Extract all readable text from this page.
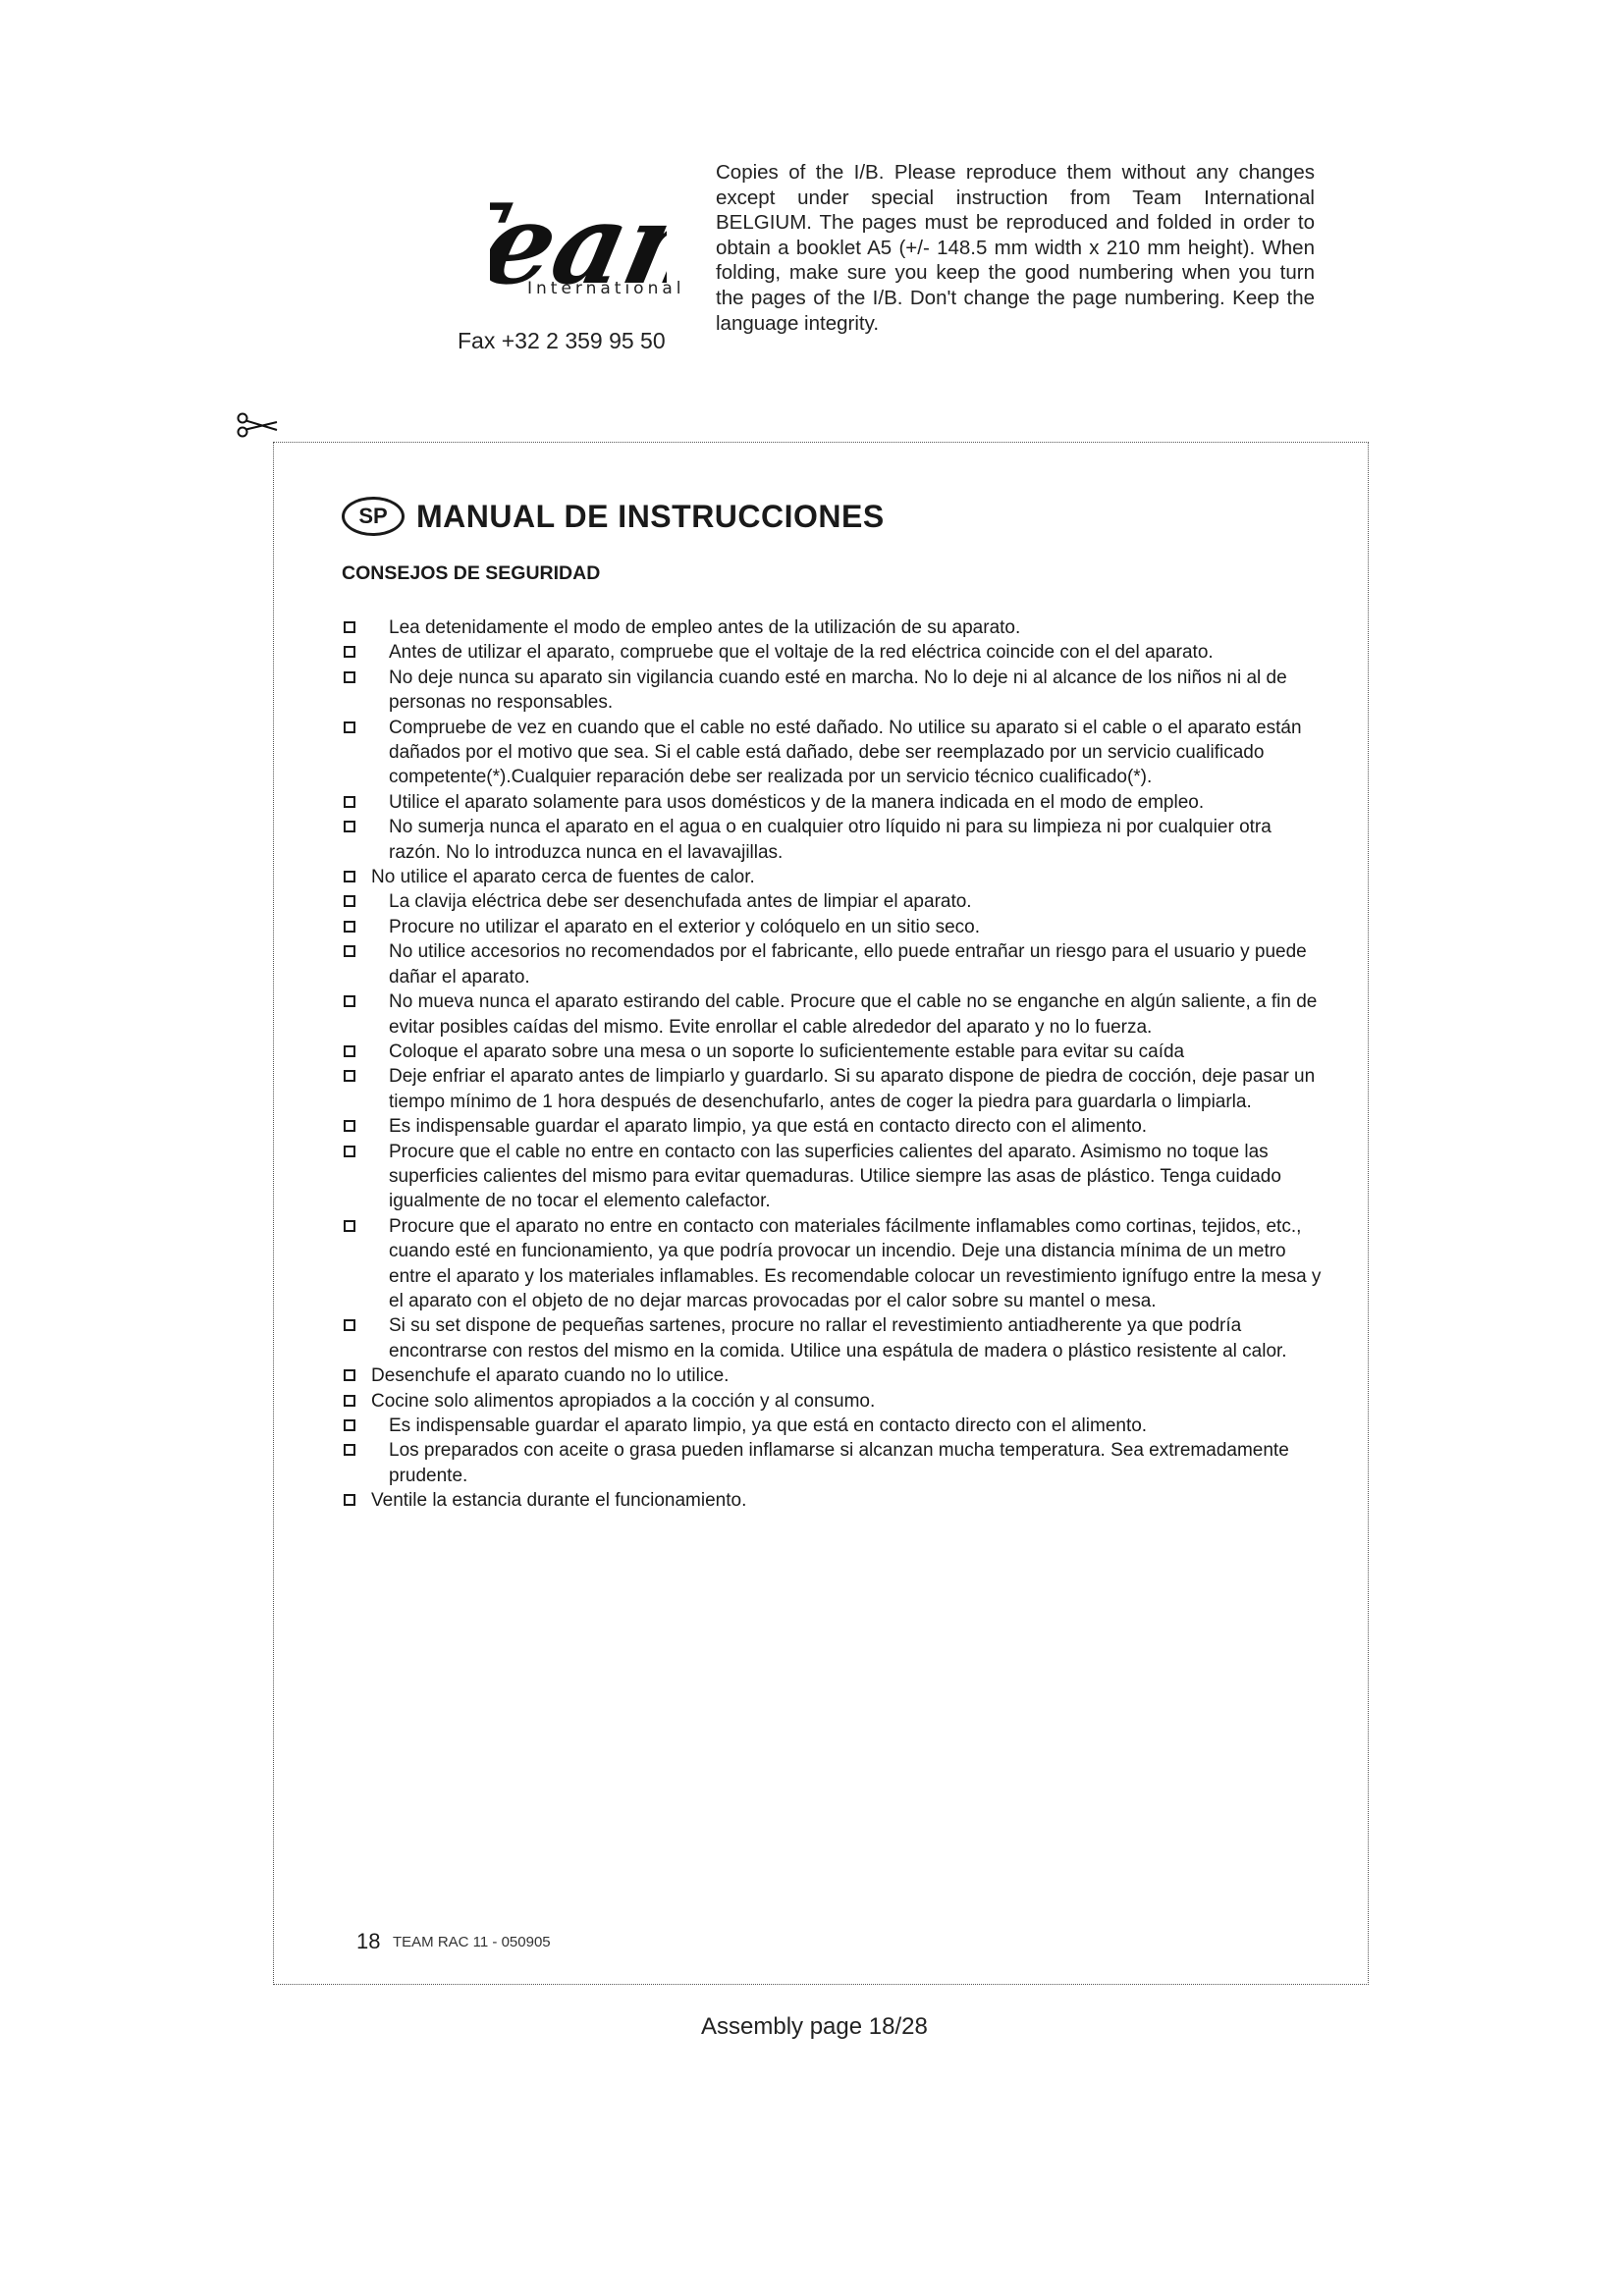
Team
International
Fax +32 2 359 95 50
Copies of the I/B. Please reproduce them without any changes except under special instruction from Team International BELGIUM. The pages must be reproduced and folded in order to obtain a booklet A5 (+/- 148.5 mm width x 210 mm height). When folding, make sure you keep the good numbering when you turn the pages of the I/B. Don't change the page numbering. Keep the language integrity.
SP MANUAL DE INSTRUCCIONES
CONSEJOS DE SEGURIDAD
Lea detenidamente el modo de empleo antes de la utilización de su aparato.
Antes de utilizar el aparato, compruebe que el voltaje de la red eléctrica coincide con el del aparato.
No deje nunca su aparato sin vigilancia cuando esté en marcha. No lo deje ni al alcance de los niños ni al de personas no responsables.
Compruebe de vez en cuando que el cable no esté dañado. No utilice su aparato si el cable o el aparato están dañados por el motivo que sea. Si el cable está dañado, debe ser reemplazado por un servicio cualificado competente(*).Cualquier reparación debe ser realizada por un servicio técnico cualificado(*).
Utilice el aparato solamente para usos domésticos y de la manera indicada en el modo de empleo.
No sumerja nunca el aparato en el agua o en cualquier otro líquido ni para su limpieza ni por cualquier otra razón. No lo introduzca nunca en el lavavajillas.
No utilice el aparato cerca de fuentes de calor.
La clavija eléctrica debe ser desenchufada antes de limpiar el aparato.
Procure no utilizar el aparato en el exterior y colóquelo en un sitio seco.
No utilice accesorios no recomendados por el fabricante, ello puede entrañar un riesgo para el usuario y puede dañar el aparato.
No mueva nunca el aparato estirando del cable. Procure que el cable no se enganche en algún saliente, a fin de evitar posibles caídas del mismo. Evite enrollar el cable alrededor del aparato y no lo fuerza.
Coloque el aparato sobre una mesa o un soporte lo suficientemente estable para evitar su caída
Deje enfriar el aparato antes de limpiarlo y guardarlo. Si su aparato dispone de piedra de cocción, deje pasar un tiempo mínimo de 1 hora después de desenchufarlo, antes de coger la piedra para guardarla o limpiarla.
Es indispensable guardar el aparato limpio, ya que está en contacto directo con el alimento.
Procure que el cable no entre en contacto con las superficies calientes del aparato. Asimismo no toque las superficies calientes del mismo para evitar quemaduras. Utilice siempre las asas de plástico. Tenga cuidado igualmente de no tocar el elemento calefactor.
Procure que el aparato no entre en contacto con materiales fácilmente inflamables como cortinas, tejidos, etc., cuando esté en funcionamiento, ya que podría provocar un incendio. Deje una distancia mínima de un metro entre el aparato y los materiales inflamables. Es recomendable colocar un revestimiento ignífugo entre la mesa y el aparato con el objeto de no dejar marcas provocadas por el calor sobre su mantel o mesa.
Si su set dispone de pequeñas sartenes, procure no rallar el revestimiento antiadherente ya que podría encontrarse con restos del mismo en la comida. Utilice una espátula de madera o plástico resistente al calor.
Desenchufe el aparato cuando no lo utilice.
Cocine solo alimentos apropiados a la cocción y al consumo.
Es indispensable guardar el aparato limpio, ya que está en contacto directo con el alimento.
Los preparados con aceite o grasa pueden inflamarse si alcanzan mucha temperatura. Sea extremadamente prudente.
Ventile la estancia durante el funcionamiento.
18 TEAM RAC 11 - 050905
Assembly page 18/28
